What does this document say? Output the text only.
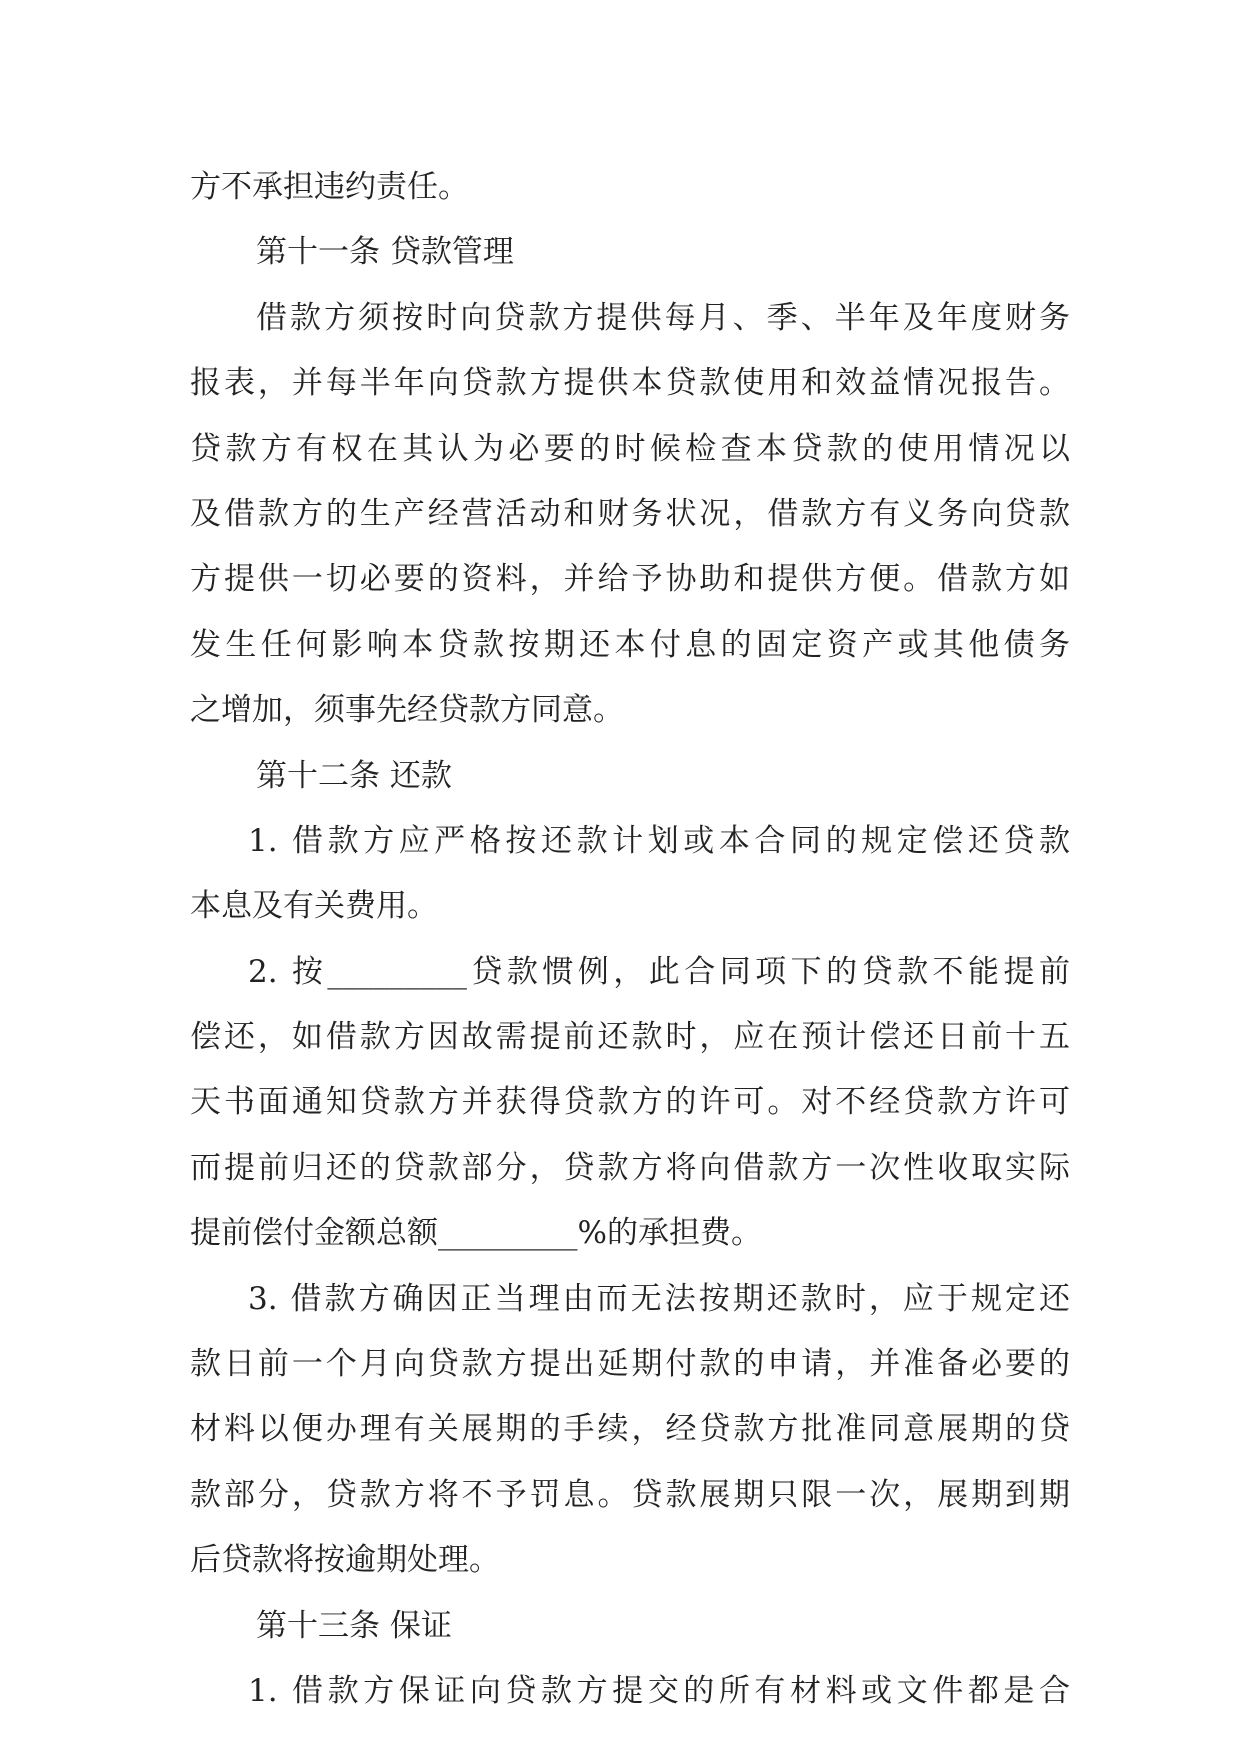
方不承担违约责任。

第十一条 贷款管理

借款方须按时向贷款方提供每月、季、半年及年度财务

报表，并每半年向贷款方提供本贷款使用和效益情况报告。

贷款方有权在其认为必要的时候检查本贷款的使用情况以

及借款方的生产经营活动和财务状况，借款方有义务向贷款

方提供一切必要的资料，并给予协助和提供方便。借款方如

发生任何影响本贷款按期还本付息的固定资产或其他债务

之增加，须事先经贷款方同意。

第十二条 还款

1. 借款方应严格按还款计划或本合同的规定偿还贷款

本息及有关费用。

2. 按_________贷款惯例，此合同项下的贷款不能提前

偿还，如借款方因故需提前还款时，应在预计偿还日前十五

天书面通知贷款方并获得贷款方的许可。对不经贷款方许可

而提前归还的贷款部分，贷款方将向借款方一次性收取实际

提前偿付金额总额_________%的承担费。

3. 借款方确因正当理由而无法按期还款时，应于规定还

款日前一个月向贷款方提出延期付款的申请，并准备必要的

材料以便办理有关展期的手续，经贷款方批准同意展期的贷

款部分，贷款方将不予罚息。贷款展期只限一次，展期到期

后贷款将按逾期处理。

第十三条 保证

1. 借款方保证向贷款方提交的所有材料或文件都是合
